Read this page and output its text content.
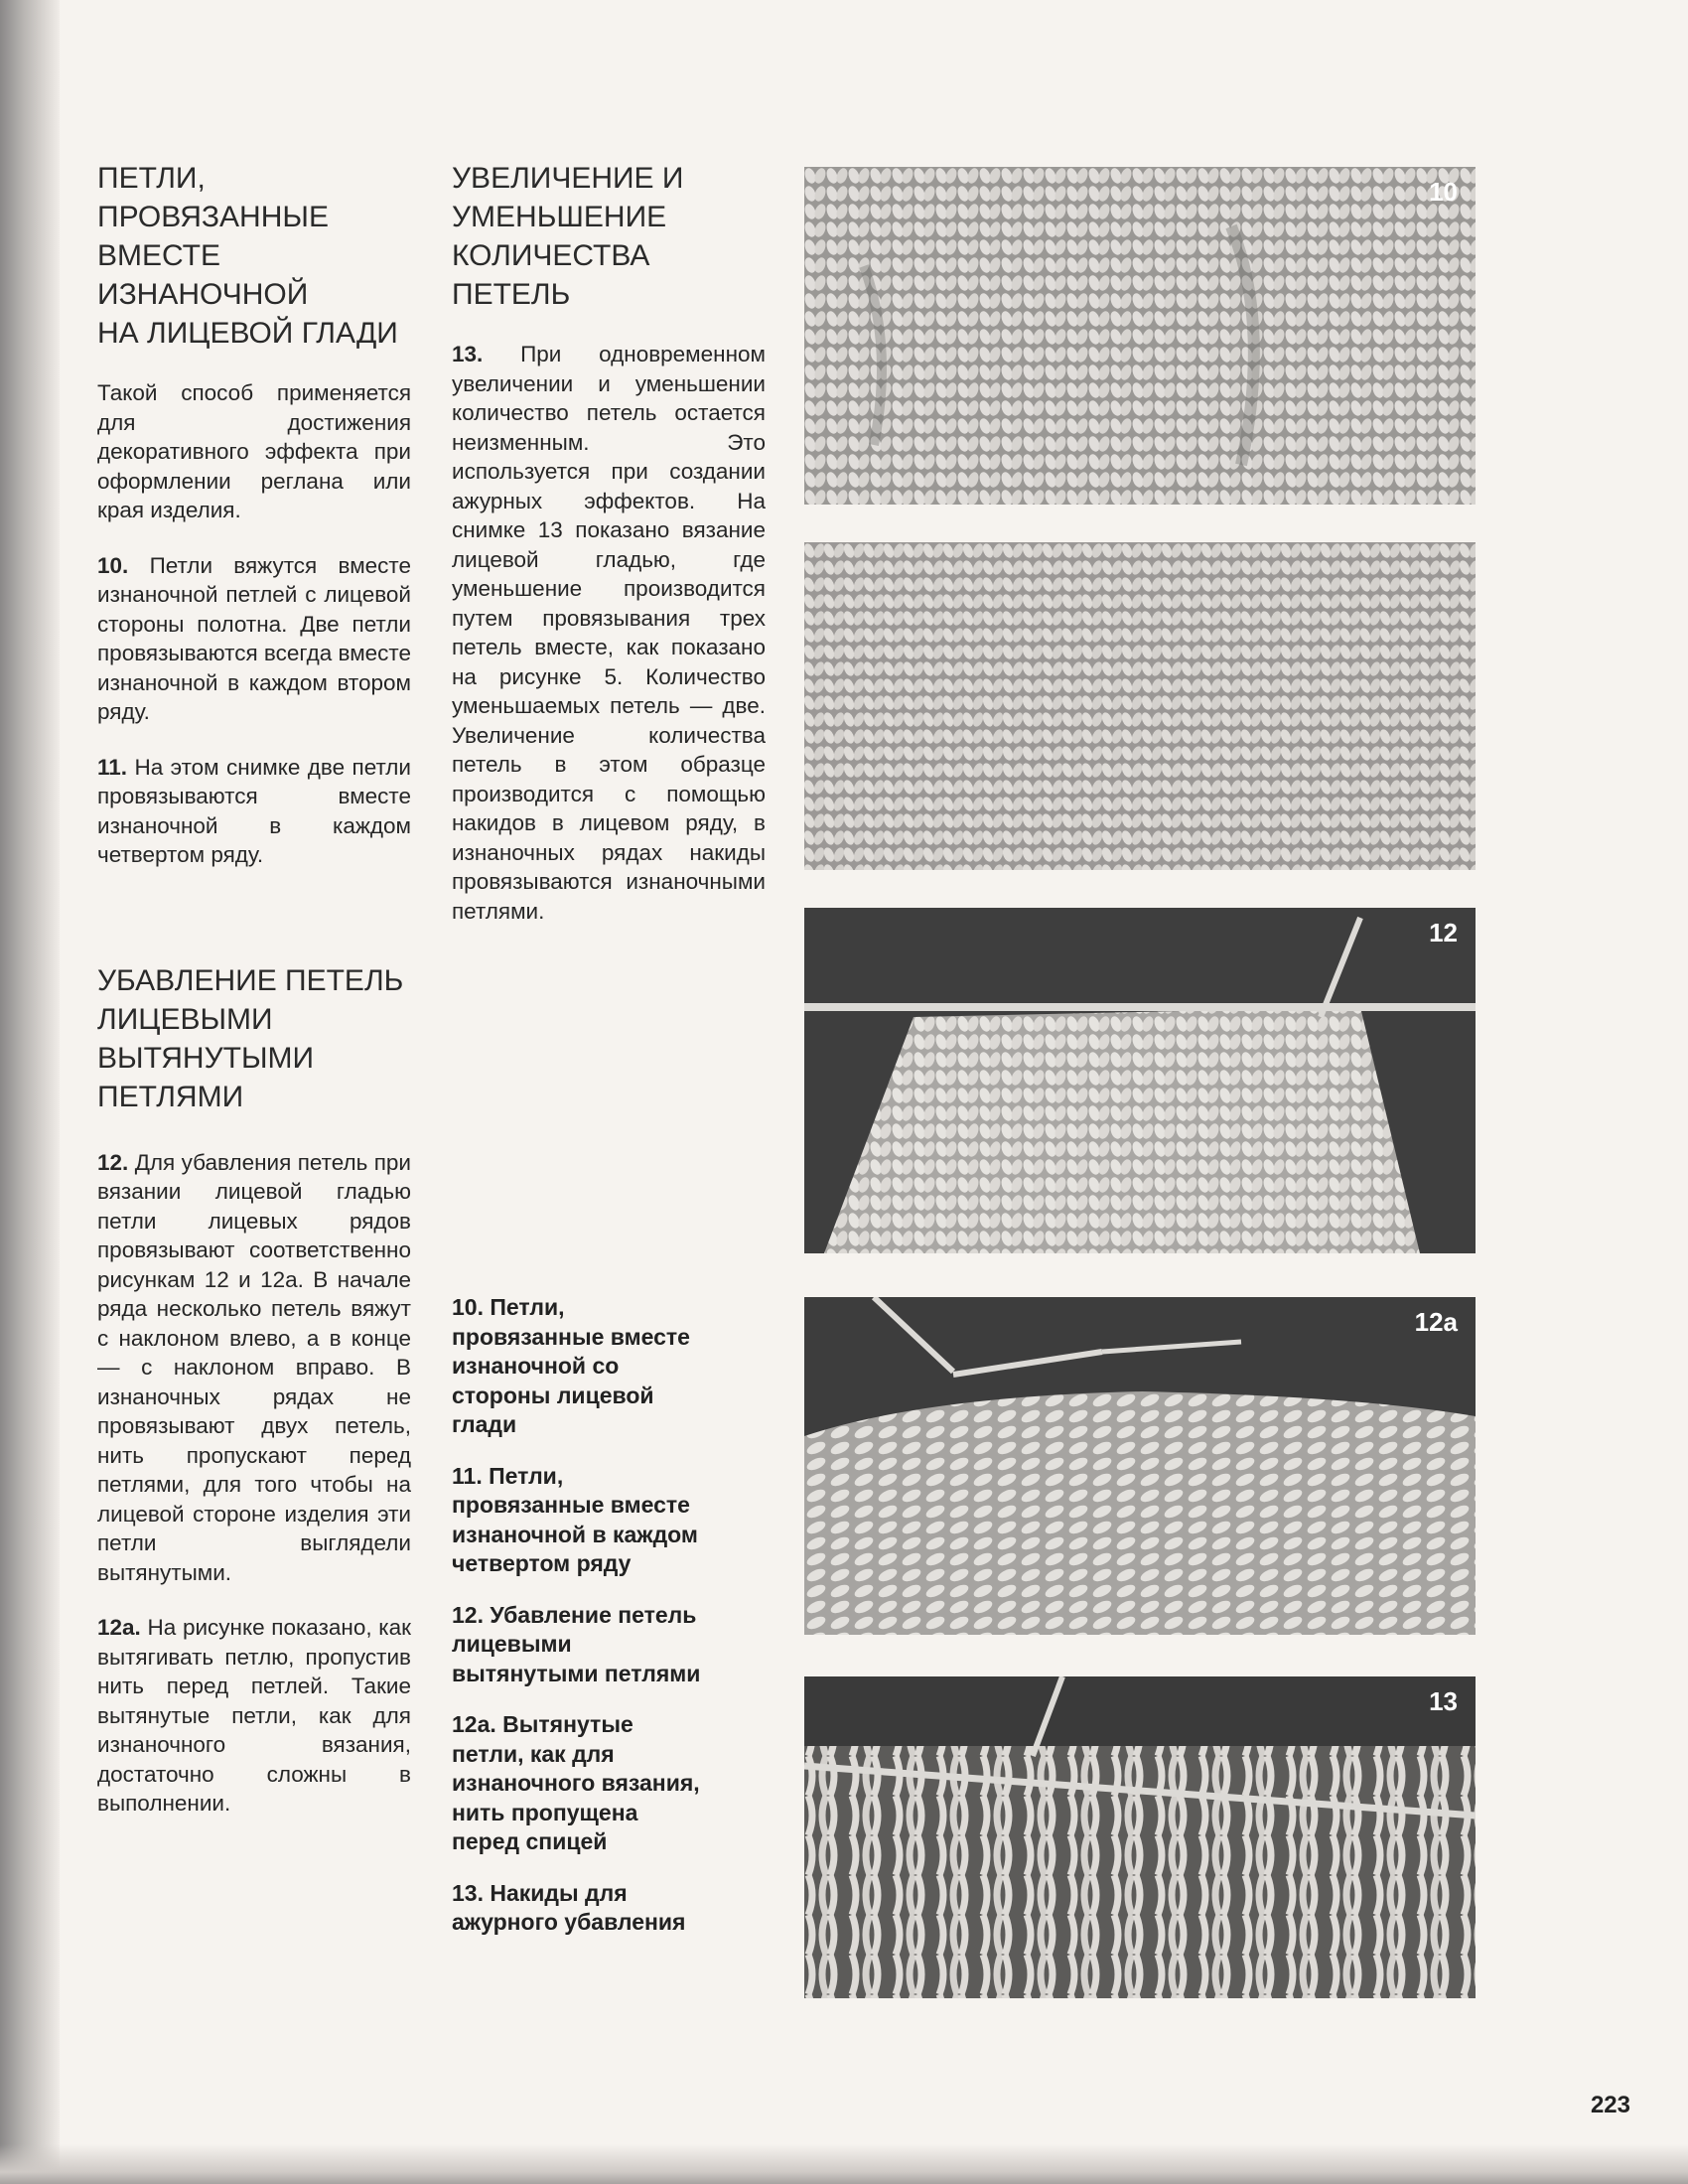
ПЕТЛИ,
ПРОВЯЗАННЫЕ
ВМЕСТЕ
ИЗНАНОЧНОЙ
НА ЛИЦЕВОЙ ГЛАДИ

Такой способ применяется для достижения декоративного эффекта при оформлении реглана или края изделия.

10. Петли вяжутся вместе изнаночной петлей с лицевой стороны полотна. Две петли провязываются всегда вместе изнаночной в каждом втором ряду.

11. На этом снимке две петли провязываются вместе изнаночной в каждом четвертом ряду.

УБАВЛЕНИЕ ПЕТЕЛЬ
ЛИЦЕВЫМИ
ВЫТЯНУТЫМИ
ПЕТЛЯМИ

12. Для убавления петель при вязании лицевой гладью петли лицевых рядов провязывают соответственно рисункам 12 и 12а. В начале ряда несколько петель вяжут с наклоном влево, а в конце — с наклоном вправо. В изнаночных рядах не провязывают двух петель, нить пропускают перед петлями, для того чтобы на лицевой стороне изделия эти петли выглядели вытянутыми.

12а. На рисунке показано, как вытягивать петлю, пропустив нить перед петлей. Такие вытянутые петли, как для изнаночного вязания, достаточно сложны в выполнении.

УВЕЛИЧЕНИЕ И
УМЕНЬШЕНИЕ
КОЛИЧЕСТВА
ПЕТЕЛЬ

13. При одновременном увеличении и уменьшении количество петель остается неизменным. Это используется при создании ажурных эффектов. На снимке 13 показано вязание лицевой гладью, где уменьшение производится путем провязывания трех петель вместе, как показано на рисунке 5. Количество уменьшаемых петель — две. Увеличение количества петель в этом образце производится с помощью накидов в лицевом ряду, в изнаночных рядах накиды провязываются изнаночными петлями.

10. Петли, провязанные вместе изнаночной со стороны лицевой глади

11. Петли, провязанные вместе изнаночной в каждом четвертом ряду

12. Убавление петель лицевыми вытянутыми петлями

12а. Вытянутые петли, как для изнаночного вязания, нить пропущена перед спицей

13. Накиды для ажурного убавления

10
12
12а
13
223
